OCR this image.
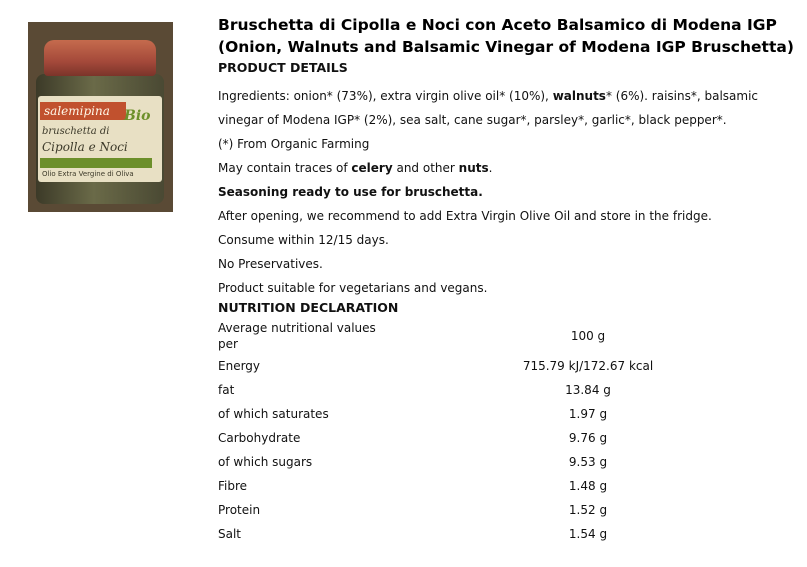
salemipina	Bio
bruschetta di
Cipolla e Noci
Olio Extra Vergine di Oliva
Bruschetta di Cipolla e Noci con Aceto Balsamico di Modena IGP
(Onion, Walnuts and Balsamic Vinegar of Modena IGP Bruschetta)
PRODUCT DETAILS

Ingredients: onion* (73%), extra virgin olive oil* (10%), walnuts* (6%). raisins*, balsamic vinegar of Modena IGP* (2%), sea salt, cane sugar*, parsley*, garlic*, black pepper*.

(*) From Organic Farming

May contain traces of celery and other nuts.

Seasoning ready to use for bruschetta.

After opening, we recommend to add Extra Virgin Olive Oil and store in the fridge.

Consume within 12/15 days.

No Preservatives.

Product suitable for vegetarians and vegans.

NUTRITION DECLARATION
Average nutritional values per	100 g
Energy	715.79 kJ/172.67 kcal
fat	13.84 g
of which saturates	1.97 g
Carbohydrate	9.76 g
of which sugars	9.53 g
Fibre	1.48 g
Protein	1.52 g
Salt	1.54 g
